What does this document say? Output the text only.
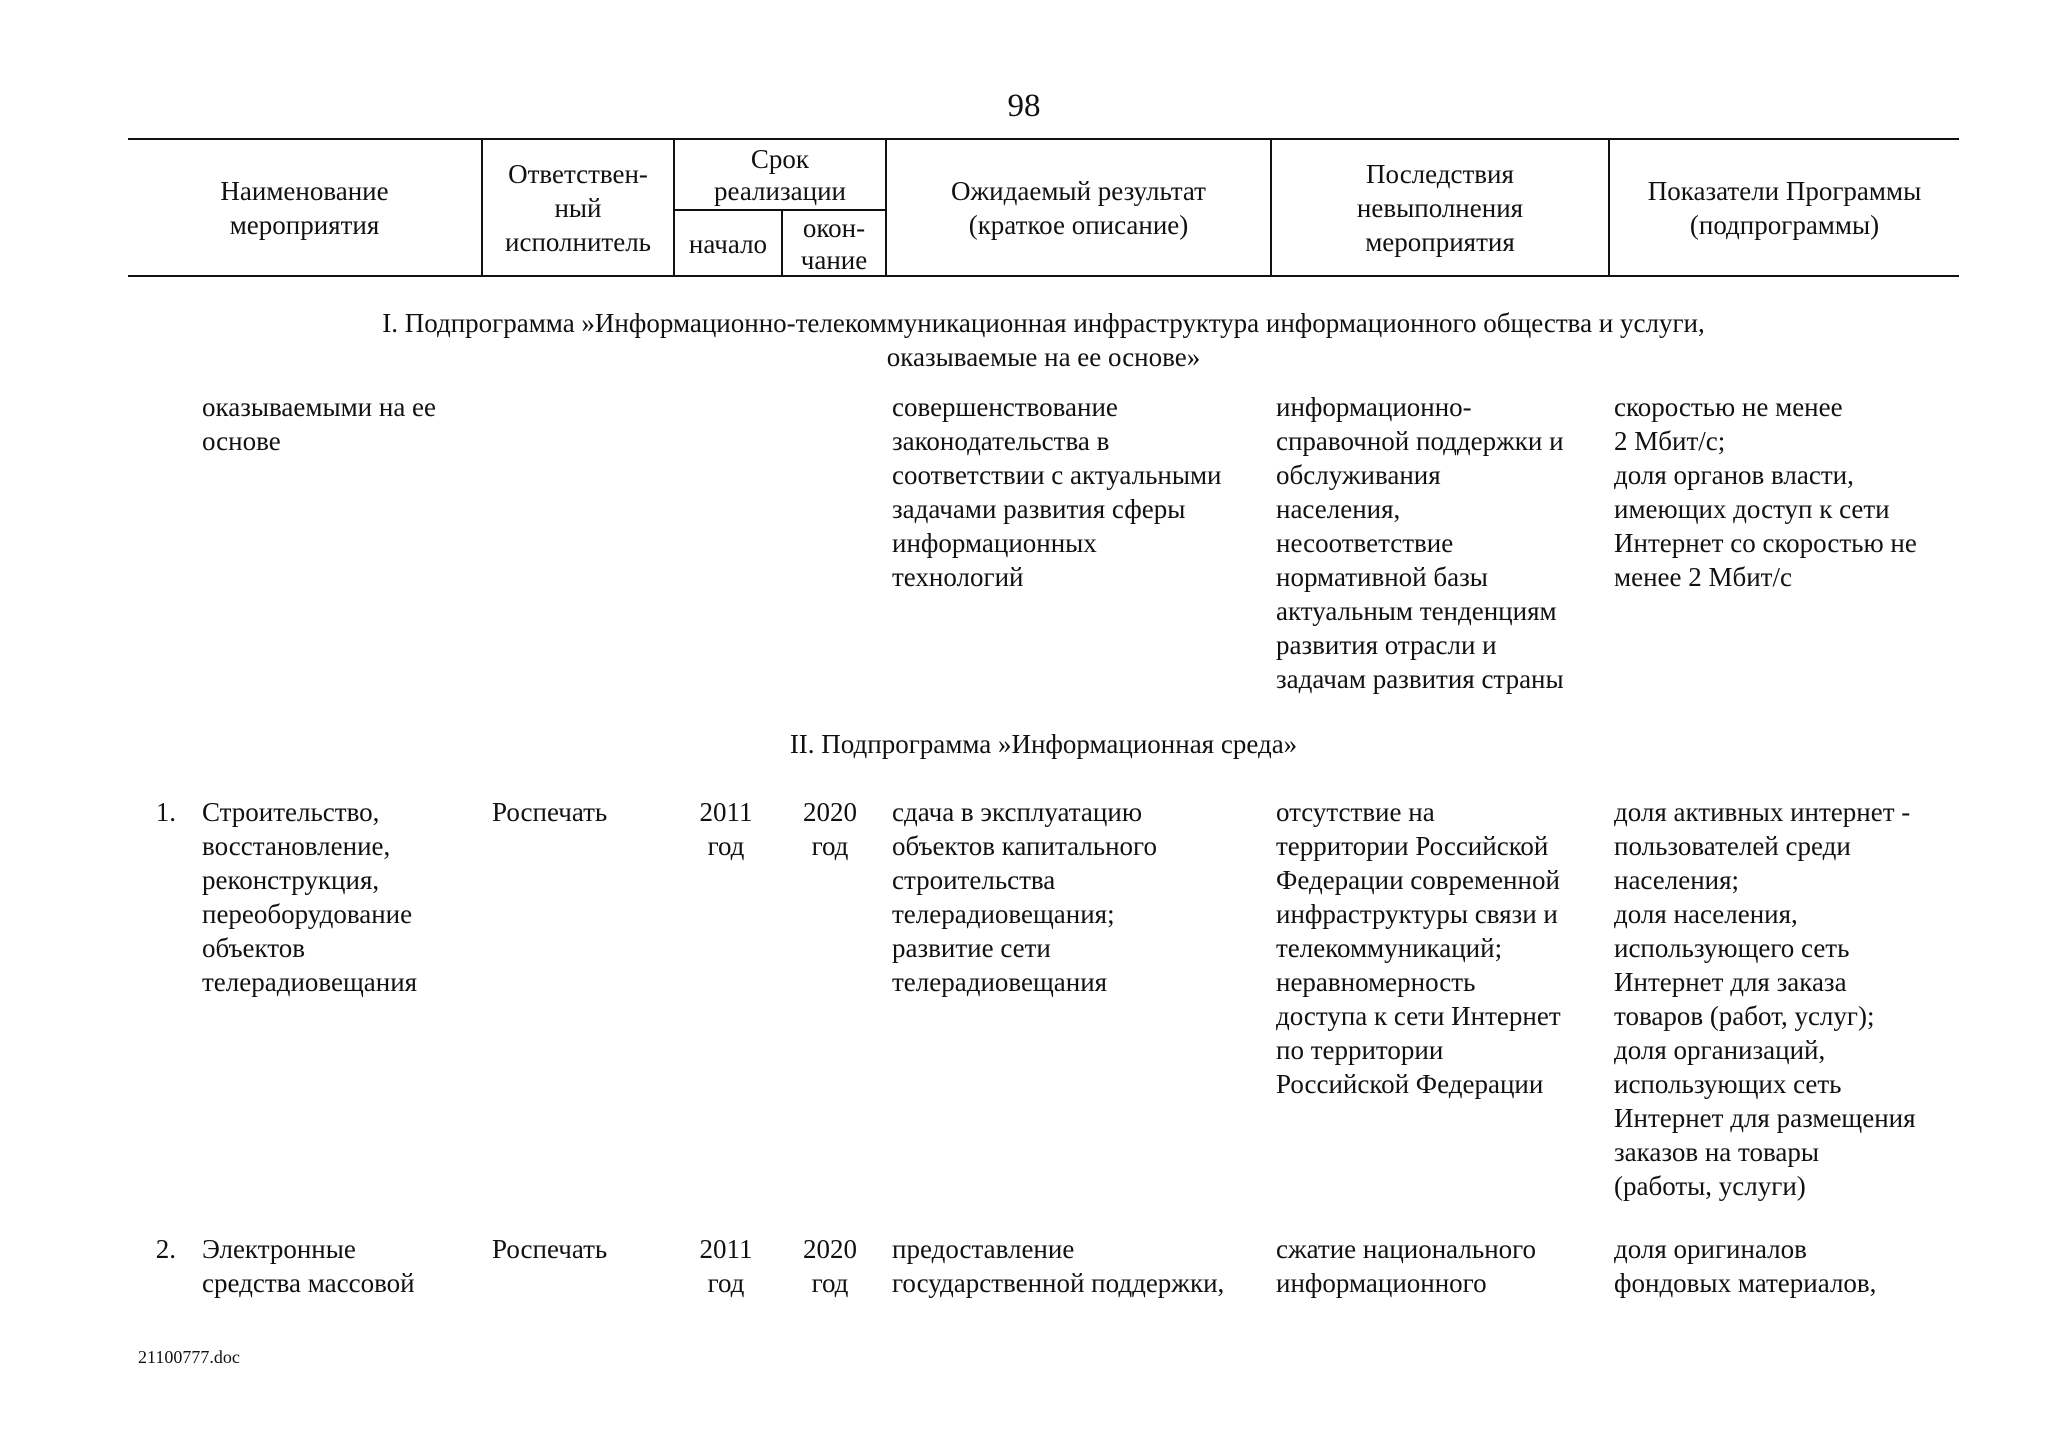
98
Наименование
мероприятия
Ответствен-
ный
исполнитель
Срок
реализации
начало
окон-
чание
Ожидаемый результат
(краткое описание)
Последствия
невыполнения
мероприятия
Показатели Программы
(подпрограммы)
I. Подпрограмма »Информационно-телекоммуникационная инфраструктура информационного общества и услуги,
оказываемые на ее основе»
оказываемыми на ее
основе
совершенствование
законодательства в
соответствии с актуальными
задачами развития сферы
информационных
технологий
информационно-
справочной поддержки и
обслуживания
населения,
несоответствие
нормативной базы
актуальным тенденциям
развития отрасли и
задачам развития страны
скоростью не менее
2 Мбит/с;
доля органов власти,
имеющих доступ к сети
Интернет со скоростью не
менее 2 Мбит/с
II. Подпрограмма »Информационная среда»
1. Строительство,
восстановление,
реконструкция,
переоборудование
объектов
телерадиовещания
Роспечать	2011
год
2020
год
сдача в эксплуатацию
объектов капитального
строительства
телерадиовещания;
развитие сети
телерадиовещания
отсутствие на
территории Российской
Федерации современной
инфраструктуры связи и
телекоммуникаций;
неравномерность
доступа к сети Интернет
по территории
Российской Федерации
доля активных интернет -
пользователей среди
населения;
доля населения,
использующего сеть
Интернет для заказа
товаров (работ, услуг);
доля организаций,
использующих сеть
Интернет для размещения
заказов на товары
(работы, услуги)
2. Электронные
средства массовой
Роспечать	2011
год
2020
год
предоставление
государственной поддержки,
сжатие национального
информационного
доля оригиналов
фондовых материалов,
21100777.doc
